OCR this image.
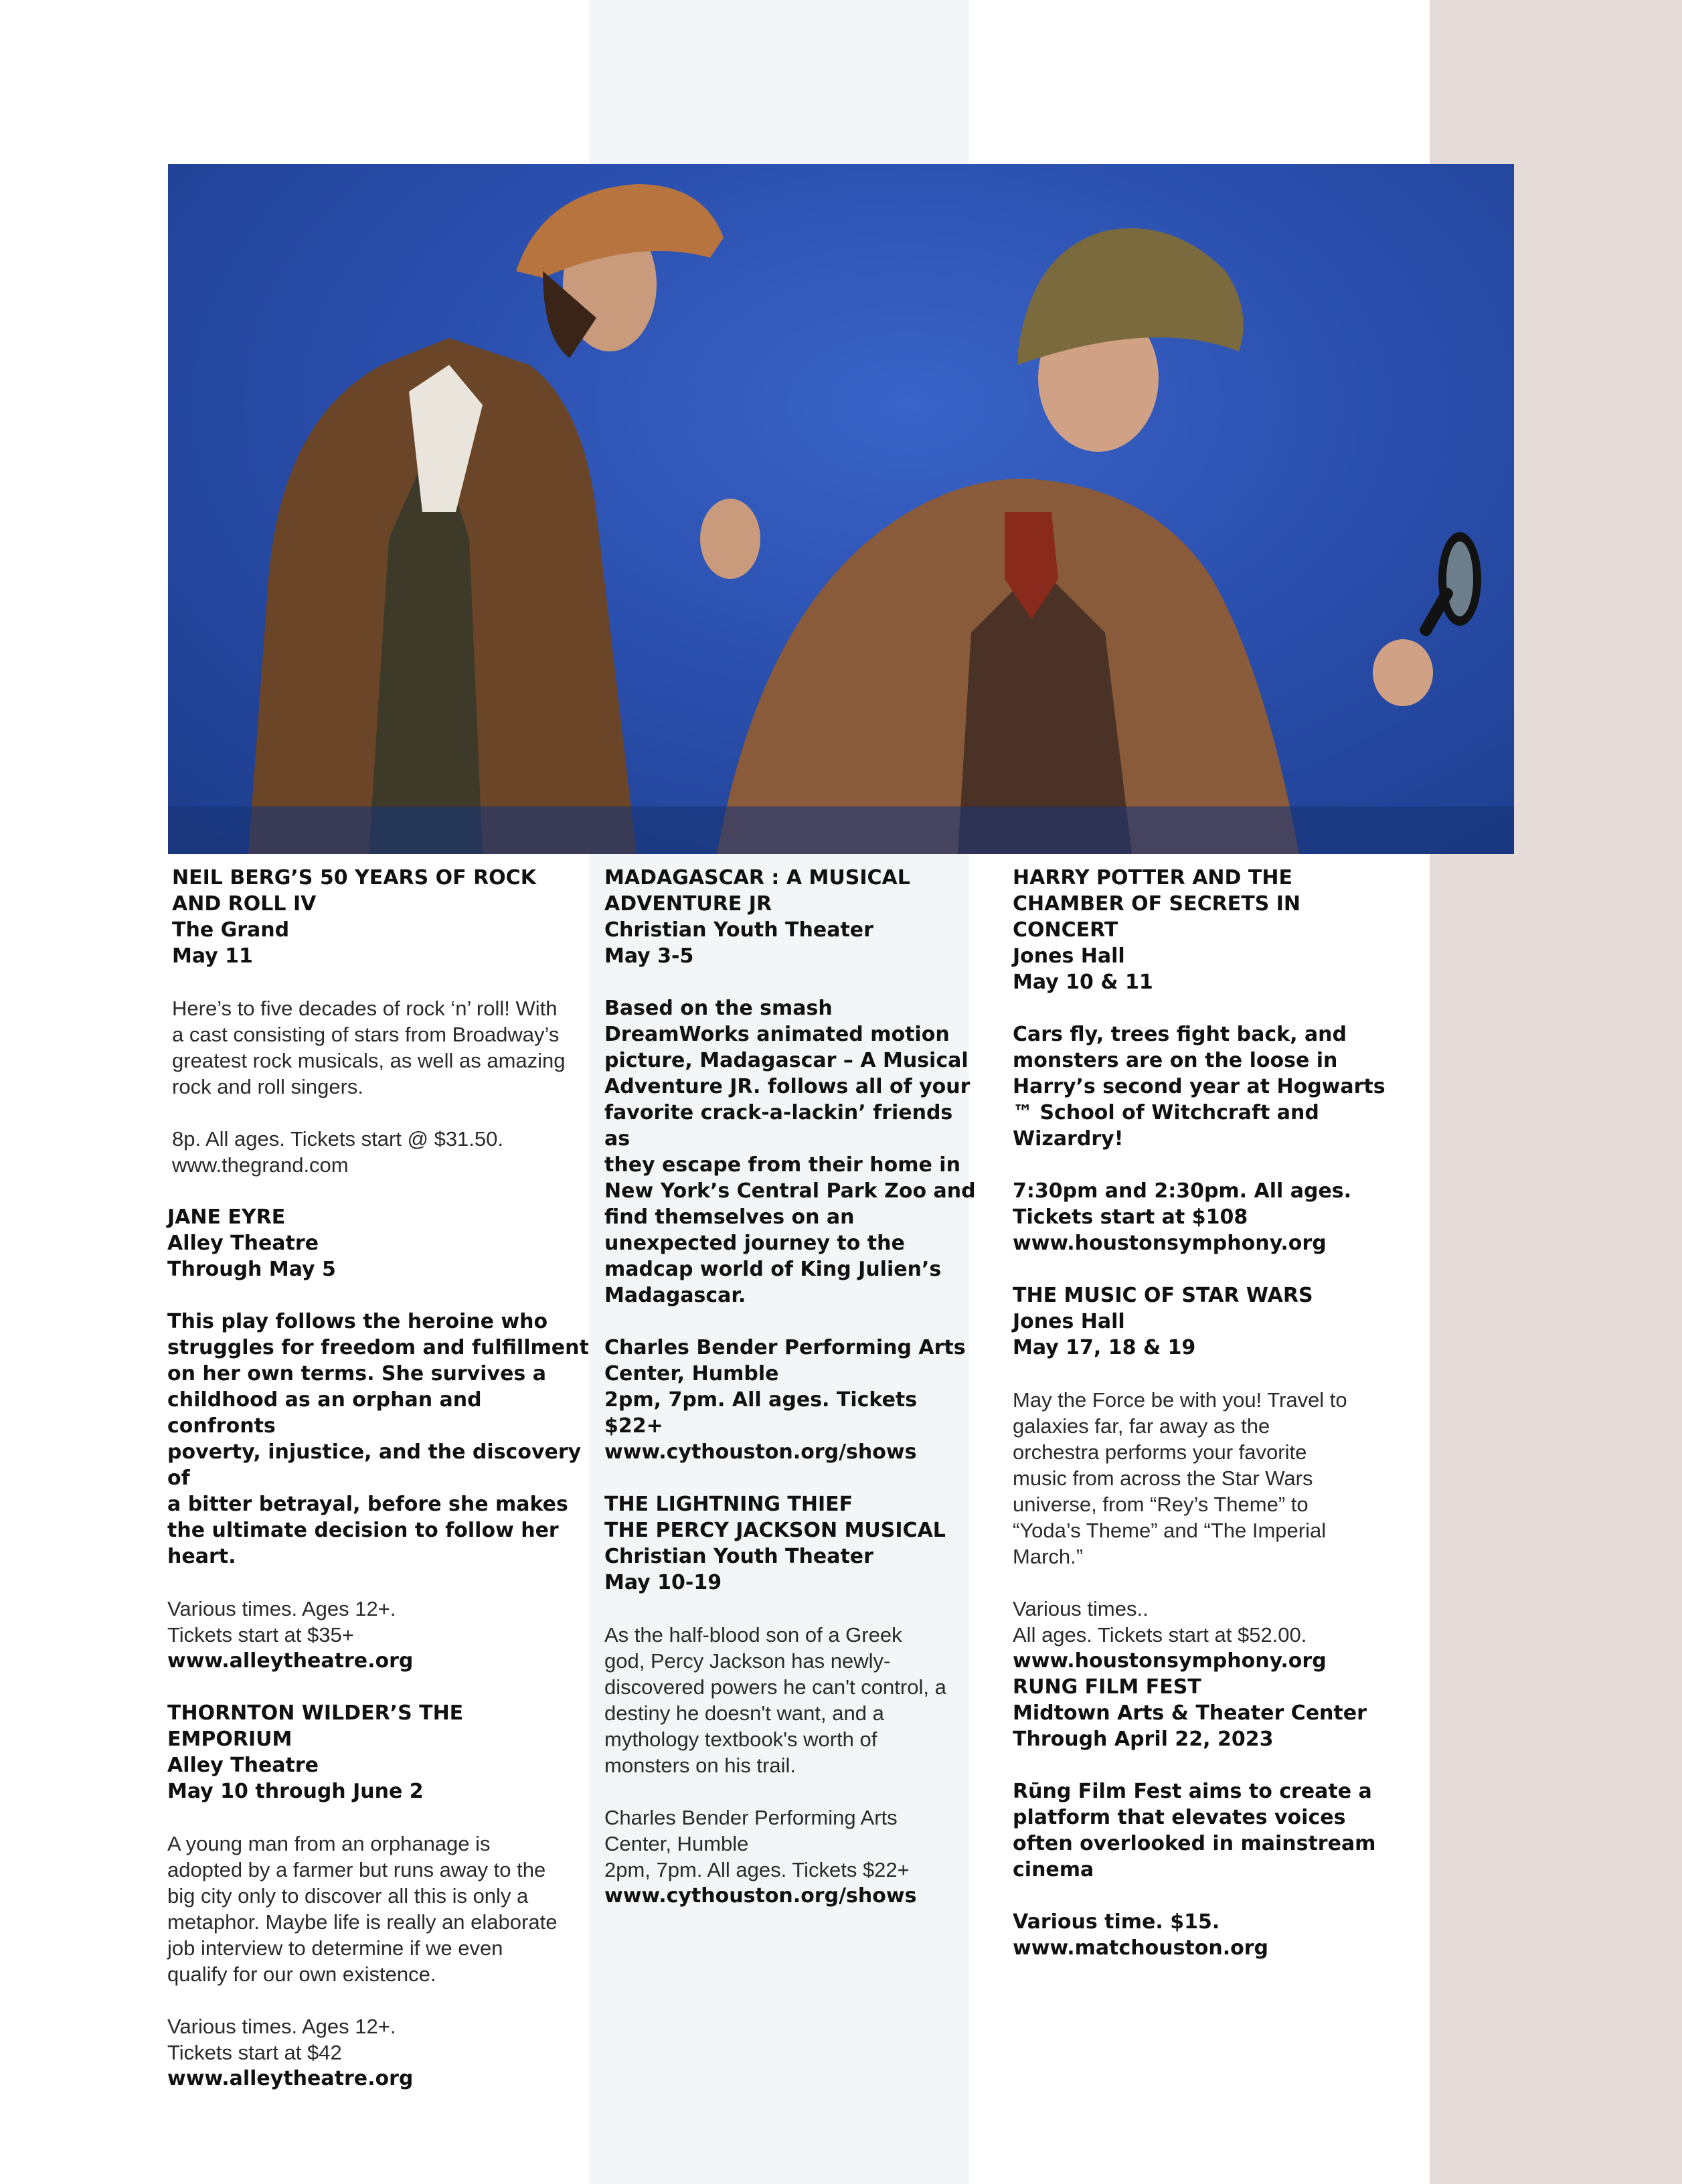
NEIL BERG’S 50 YEARS OF ROCK

AND ROLL IV

The Grand

May 11

Here’s to five decades of rock ‘n’ roll! With

a cast consisting of stars from Broadway’s

greatest rock musicals, as well as amazing

rock and roll singers.

8p. All ages. Tickets start @ $31.50.

www.thegrand.com

JANE EYRE

Alley Theatre

Through May 5

This play follows the heroine who

struggles for freedom and fulfillment

on her own terms. She survives a

childhood as an orphan and confronts

poverty, injustice, and the discovery of

a bitter betrayal, before she makes

the ultimate decision to follow her

heart.

Various times. Ages 12+.

Tickets start at $35+

www.alleytheatre.org

THORNTON WILDER’S THE

EMPORIUM

Alley Theatre

May 10 through June 2

A young man from an orphanage is

adopted by a farmer but runs away to the

big city only to discover all this is only a

metaphor. Maybe life is really an elaborate

job interview to determine if we even

qualify for our own existence.

Various times. Ages 12+.

Tickets start at $42

www.alleytheatre.org

MADAGASCAR : A MUSICAL

ADVENTURE JR

Christian Youth Theater

May 3-5

Based on the smash

DreamWorks animated motion

picture, Madagascar – A Musical

Adventure JR. follows all of your

favorite crack-a-lackin’ friends as

they escape from their home in

New York’s Central Park Zoo and

find themselves on an

unexpected journey to the

madcap world of King Julien’s

Madagascar.

Charles Bender Performing Arts

Center, Humble

2pm, 7pm. All ages. Tickets $22+

www.cythouston.org/shows

THE LIGHTNING THIEF

THE PERCY JACKSON MUSICAL

Christian Youth Theater

May 10-19

As the half-blood son of a Greek

god, Percy Jackson has newly-

discovered powers he can't control, a

destiny he doesn't want, and a

mythology textbook's worth of

monsters on his trail.

Charles Bender Performing Arts

Center, Humble

2pm, 7pm. All ages. Tickets $22+

www.cythouston.org/shows

HARRY POTTER AND THE

CHAMBER OF SECRETS IN

CONCERT

Jones Hall

May 10 & 11

Cars fly, trees fight back, and

monsters are on the loose in

Harry’s second year at Hogwarts

™ School of Witchcraft and

Wizardry!

7:30pm and 2:30pm. All ages.

Tickets start at $108

www.houstonsymphony.org

THE MUSIC OF STAR WARS

Jones Hall

May 17, 18 & 19

May the Force be with you! Travel to

galaxies far, far away as the

orchestra performs your favorite

music from across the Star Wars

universe, from “Rey’s Theme” to

“Yoda’s Theme” and “The Imperial

March.”

Various times..

All ages. Tickets start at $52.00.

www.houstonsymphony.org

RUNG FILM FEST

Midtown Arts & Theater Center

Through April 22, 2023

Rūng Film Fest aims to create a

platform that elevates voices

often overlooked in mainstream

cinema

Various time. $15.

www.matchouston.org
